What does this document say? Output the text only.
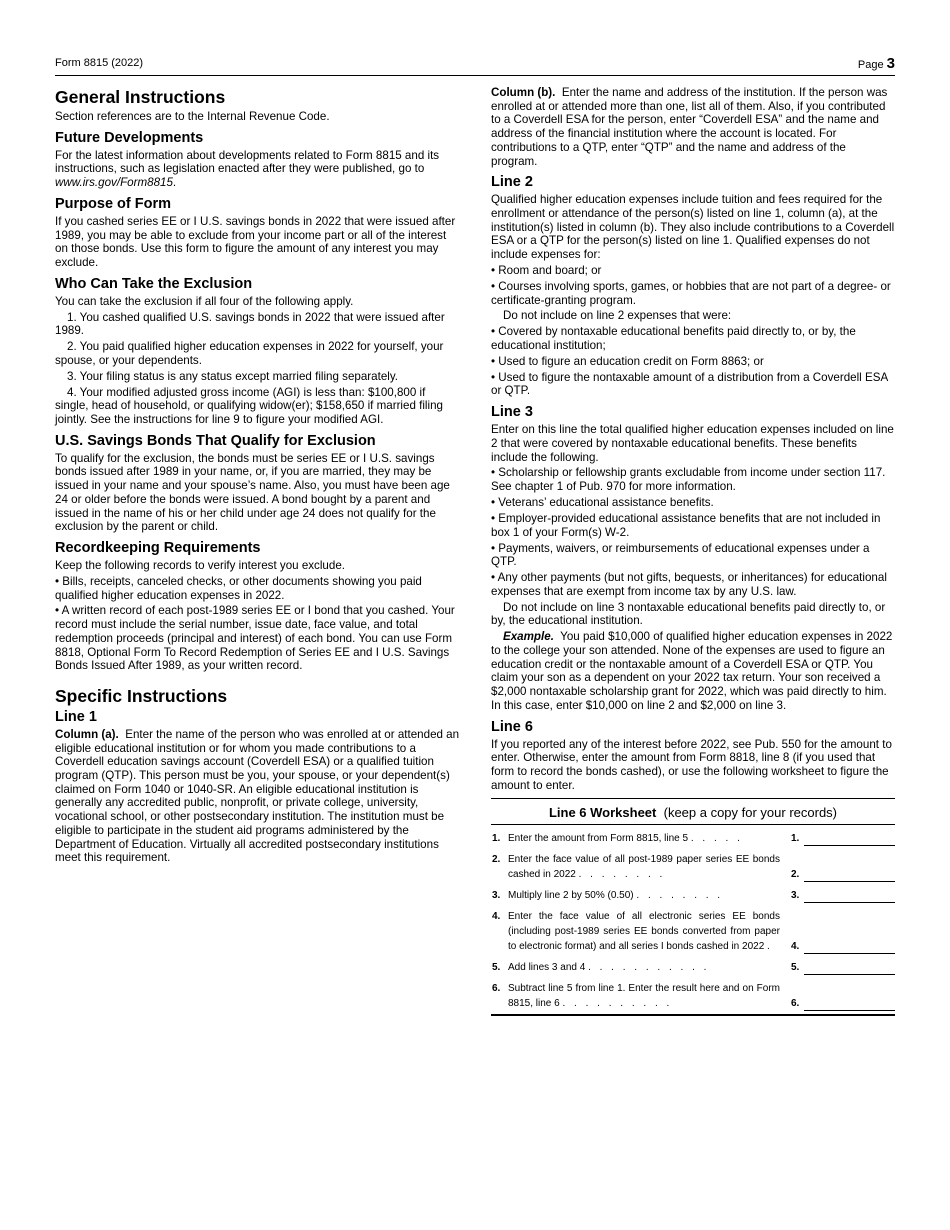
Form 8815 (2022)	Page 3
General Instructions

Section references are to the Internal Revenue Code.

Future Developments

For the latest information about developments related to Form 8815 and its instructions, such as legislation enacted after they were published, go to www.irs.gov/Form8815.

Purpose of Form

If you cashed series EE or I U.S. savings bonds in 2022 that were issued after 1989, you may be able to exclude from your income part or all of the interest on those bonds. Use this form to figure the amount of any interest you may exclude.

Who Can Take the Exclusion

You can take the exclusion if all four of the following apply.

1. You cashed qualified U.S. savings bonds in 2022 that were issued after 1989.

2. You paid qualified higher education expenses in 2022 for yourself, your spouse, or your dependents.

3. Your filing status is any status except married filing separately.

4. Your modified adjusted gross income (AGI) is less than: $100,800 if single, head of household, or qualifying widow(er); $158,650 if married filing jointly. See the instructions for line 9 to figure your modified AGI.

U.S. Savings Bonds That Qualify for Exclusion

To qualify for the exclusion, the bonds must be series EE or I U.S. savings bonds issued after 1989 in your name, or, if you are married, they may be issued in your name and your spouse’s name. Also, you must have been age 24 or older before the bonds were issued. A bond bought by a parent and issued in the name of his or her child under age 24 does not qualify for the exclusion by the parent or child.

Recordkeeping Requirements

Keep the following records to verify interest you exclude.

• Bills, receipts, canceled checks, or other documents showing you paid qualified higher education expenses in 2022.

• A written record of each post-1989 series EE or I bond that you cashed. Your record must include the serial number, issue date, face value, and total redemption proceeds (principal and interest) of each bond. You can use Form 8818, Optional Form To Record Redemption of Series EE and I U.S. Savings Bonds Issued After 1989, as your written record.

Specific Instructions
Line 1

Column (a). Enter the name of the person who was enrolled at or attended an eligible educational institution or for whom you made contributions to a Coverdell education savings account (Coverdell ESA) or a qualified tuition program (QTP). This person must be you, your spouse, or your dependent(s) claimed on Form 1040 or 1040-SR. An eligible educational institution is generally any accredited public, nonprofit, or private college, university, vocational school, or other postsecondary institution. The institution must be eligible to participate in the student aid programs administered by the Department of Education. Virtually all accredited postsecondary institutions meet this requirement.

Column (b). Enter the name and address of the institution. If the person was enrolled at or attended more than one, list all of them. Also, if you contributed to a Coverdell ESA for the person, enter “Coverdell ESA” and the name and address of the financial institution where the account is located. For contributions to a QTP, enter “QTP” and the name and address of the program.

Line 2

Qualified higher education expenses include tuition and fees required for the enrollment or attendance of the person(s) listed on line 1, column (a), at the institution(s) listed in column (b). They also include contributions to a Coverdell ESA or a QTP for the person(s) listed on line 1. Qualified expenses do not include expenses for:

• Room and board; or

• Courses involving sports, games, or hobbies that are not part of a degree- or certificate-granting program.

Do not include on line 2 expenses that were:

• Covered by nontaxable educational benefits paid directly to, or by, the educational institution;

• Used to figure an education credit on Form 8863; or

• Used to figure the nontaxable amount of a distribution from a Coverdell ESA or QTP.

Line 3

Enter on this line the total qualified higher education expenses included on line 2 that were covered by nontaxable educational benefits. These benefits include the following.

• Scholarship or fellowship grants excludable from income under section 117. See chapter 1 of Pub. 970 for more information.

• Veterans’ educational assistance benefits.

• Employer-provided educational assistance benefits that are not included in box 1 of your Form(s) W-2.

• Payments, waivers, or reimbursements of educational expenses under a QTP.

• Any other payments (but not gifts, bequests, or inheritances) for educational expenses that are exempt from income tax by any U.S. law.

Do not include on line 3 nontaxable educational benefits paid directly to, or by, the educational institution.

Example. You paid $10,000 of qualified higher education expenses in 2022 to the college your son attended. None of the expenses are used to figure an education credit or the nontaxable amount of a Coverdell ESA or QTP. You claim your son as a dependent on your 2022 tax return. Your son received a $2,000 nontaxable scholarship grant for 2022, which was paid directly to him. In this case, enter $10,000 on line 2 and $2,000 on line 3.

Line 6

If you reported any of the interest before 2022, see Pub. 550 for the amount to enter. Otherwise, enter the amount from Form 8818, line 8 (if you used that form to record the bonds cashed), or use the following worksheet to figure the amount to enter.

Line 6 Worksheet (keep a copy for your records)
1. Enter the amount from Form 8815, line 5 . . . . .	1.
2. Enter the face value of all post-1989 paper series EE bonds cashed in 2022 . . . . . . . .	2.
3. Multiply line 2 by 50% (0.50) . . . . . . . .	3.
4. Enter the face value of all electronic series EE bonds (including post-1989 series EE bonds converted from paper to electronic format) and all series I bonds cashed in 2022 .	4.
5. Add lines 3 and 4 . . . . . . . . . . .	5.
6. Subtract line 5 from line 1. Enter the result here and on Form 8815, line 6 . . . . . . . . . .	6.
